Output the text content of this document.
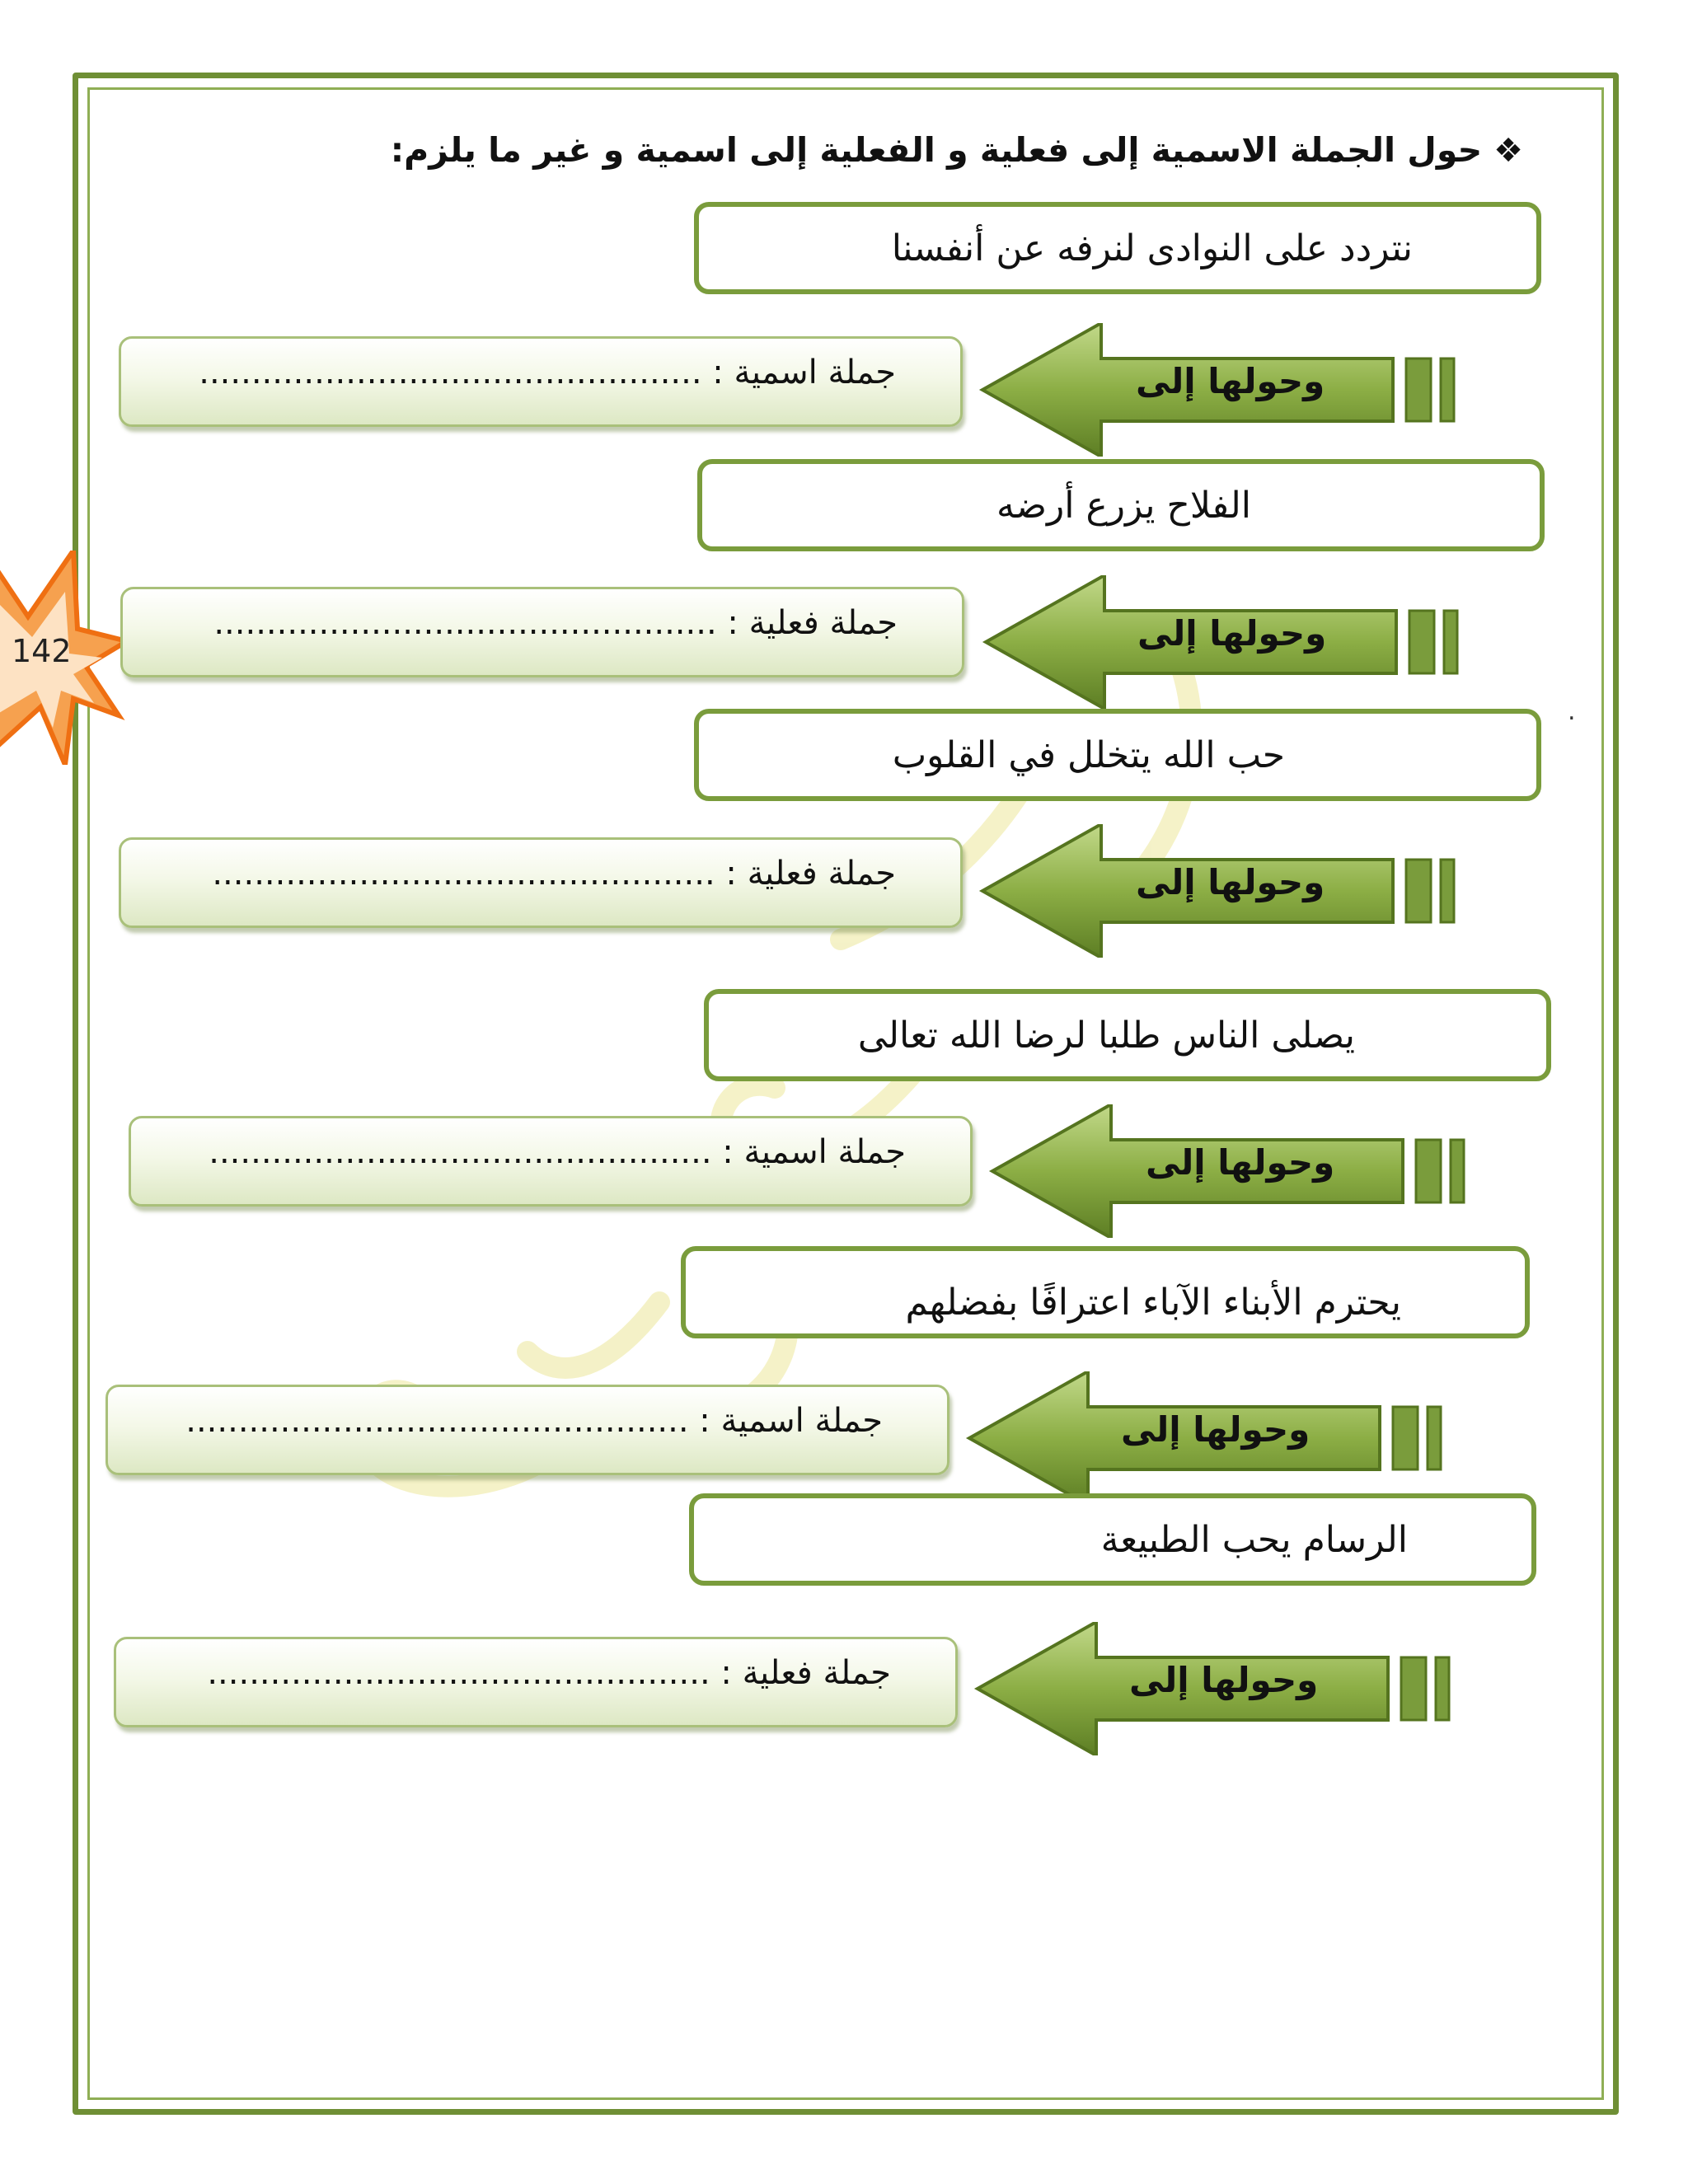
❖حول الجملة الاسمية إلى فعلية و الفعلية إلى اسمية و غير ما يلزم:
142
.
نتردد على النوادى لنرفه عن أنفسنا
جملة اسمية : ................................................	وحولها إلى
الفلاح يزرع أرضه
جملة فعلية : ................................................	وحولها إلى
حب الله يتخلل في القلوب
جملة فعلية : ................................................	وحولها إلى
يصلى الناس طلبا لرضا الله تعالى
جملة اسمية : ................................................	وحولها إلى
يحترم الأبناء الآباء اعترافًا بفضلهم
جملة اسمية : ................................................	وحولها إلى
الرسام يحب الطبيعة
جملة فعلية : ................................................	وحولها إلى
